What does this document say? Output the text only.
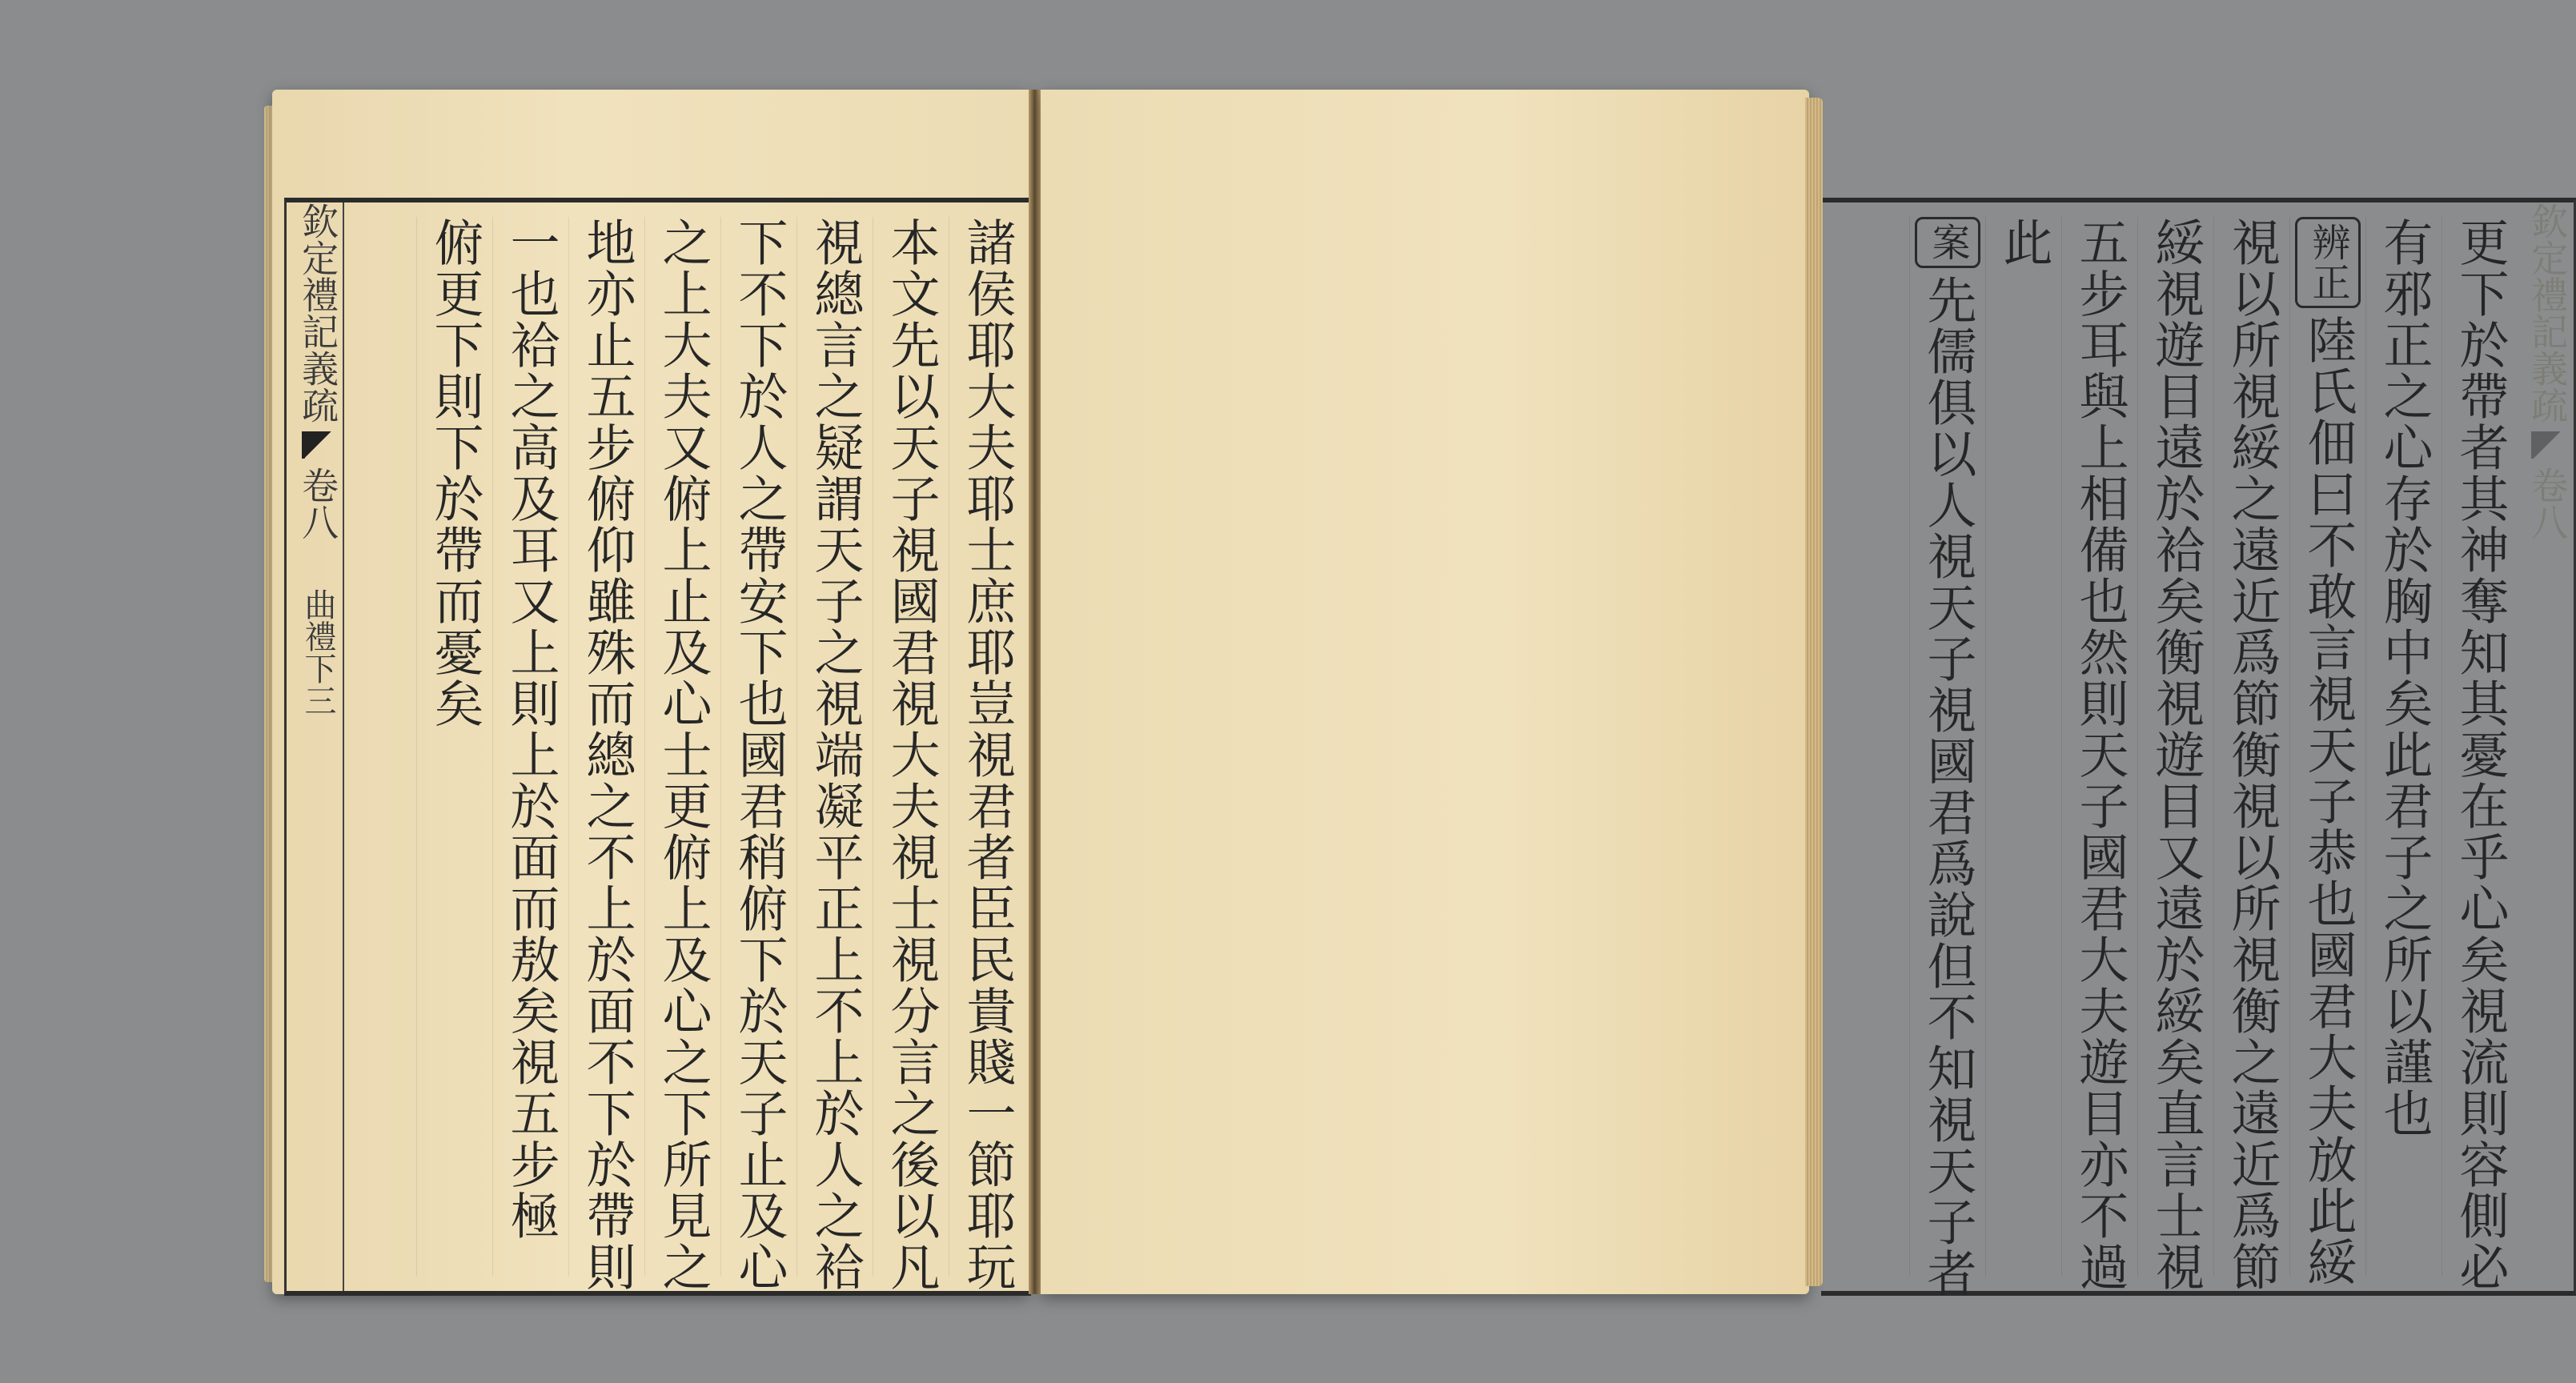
欽定禮記義疏
卷八
曲禮下三	諸侯耶大夫耶士庶耶豈視君者臣民貴賤一節耶玩
本文先以天子視國君視大夫視士視分言之後以凡
視總言之疑謂天子之視端凝平正上不上於人之袷
下不下於人之帶安下也國君稍俯下於天子止及心
之上大夫又俯上止及心士更俯上及心之下所見之
地亦止五步俯仰雖殊而總之不上於面不下於帶則
一也袷之高及耳又上則上於面而敖矣視五步極
俯更下則下於帶而憂矣	欽定禮記義疏
卷八
更下於帶者其神奪知其憂在乎心矣視流則容側必
有邪正之心存於胸中矣此君子之所以謹也
辨正陸氏佃曰不敢言視天子恭也國君大夫放此綏
視以所視綏之遠近爲節衡視以所視衡之遠近爲節
綏視遊目遠於袷矣衡視遊目又遠於綏矣直言士視
五步耳與上相備也然則天子國君大夫遊目亦不過
此
案先儒俱以人視天子視國君爲說但不知視天子者
